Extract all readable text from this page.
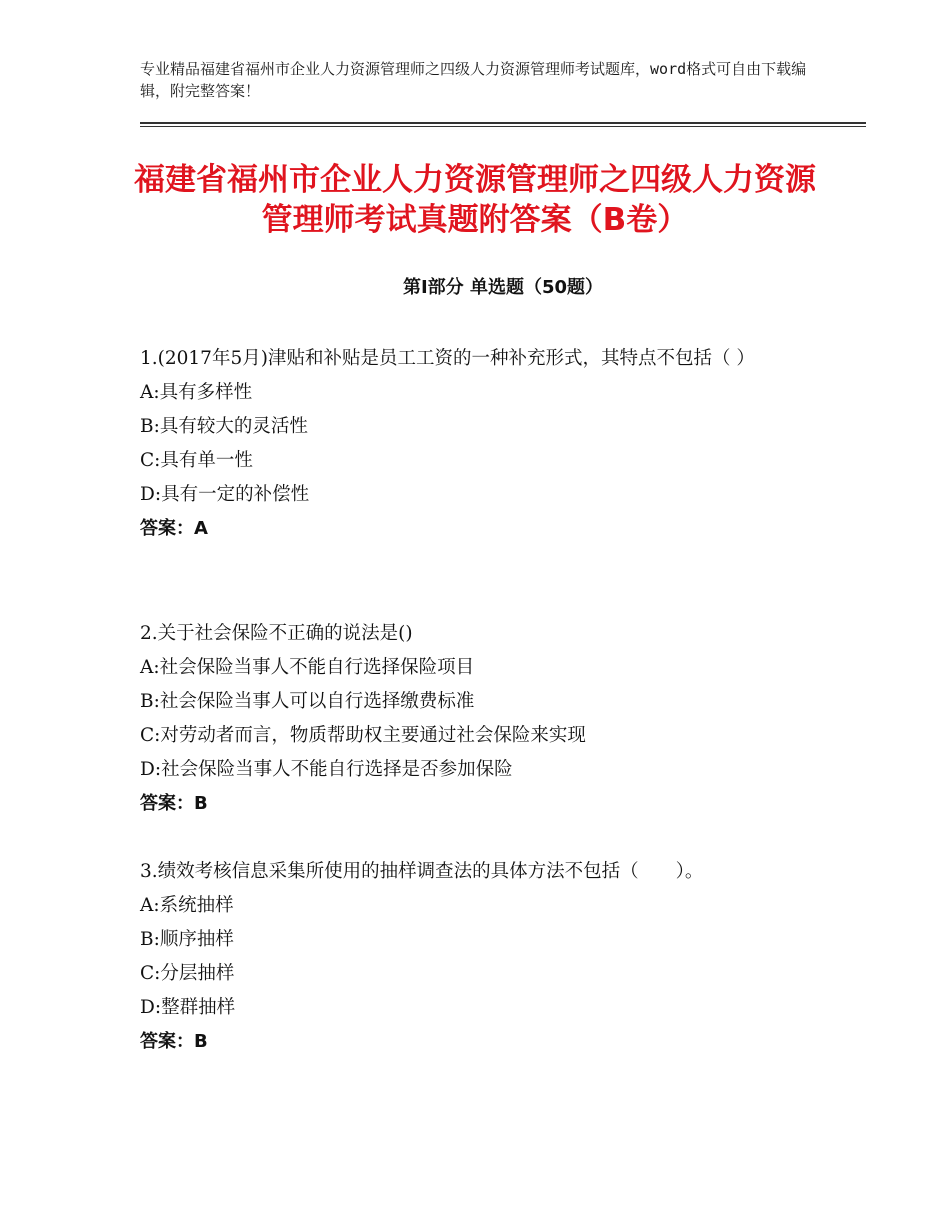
专业精品福建省福州市企业人力资源管理师之四级人力资源管理师考试题库，word格式可自由下载编辑，附完整答案！
福建省福州市企业人力资源管理师之四级人力资源管理师考试真题附答案（B卷）
第Ⅰ部分 单选题（50题）
1.(2017年5月)津贴和补贴是员工工资的一种补充形式，其特点不包括（ ）
A: 具有多样性
B: 具有较大的灵活性
C: 具有单一性
D: 具有一定的补偿性
答案：A
2.关于社会保险不正确的说法是()
A: 社会保险当事人不能自行选择保险项目
B: 社会保险当事人可以自行选择缴费标准
C: 对劳动者而言，物质帮助权主要通过社会保险来实现
D: 社会保险当事人不能自行选择是否参加保险
答案：B
3.绩效考核信息采集所使用的抽样调查法的具体方法不包括（　　）。
A: 系统抽样
B: 顺序抽样
C: 分层抽样
D: 整群抽样
答案：B
